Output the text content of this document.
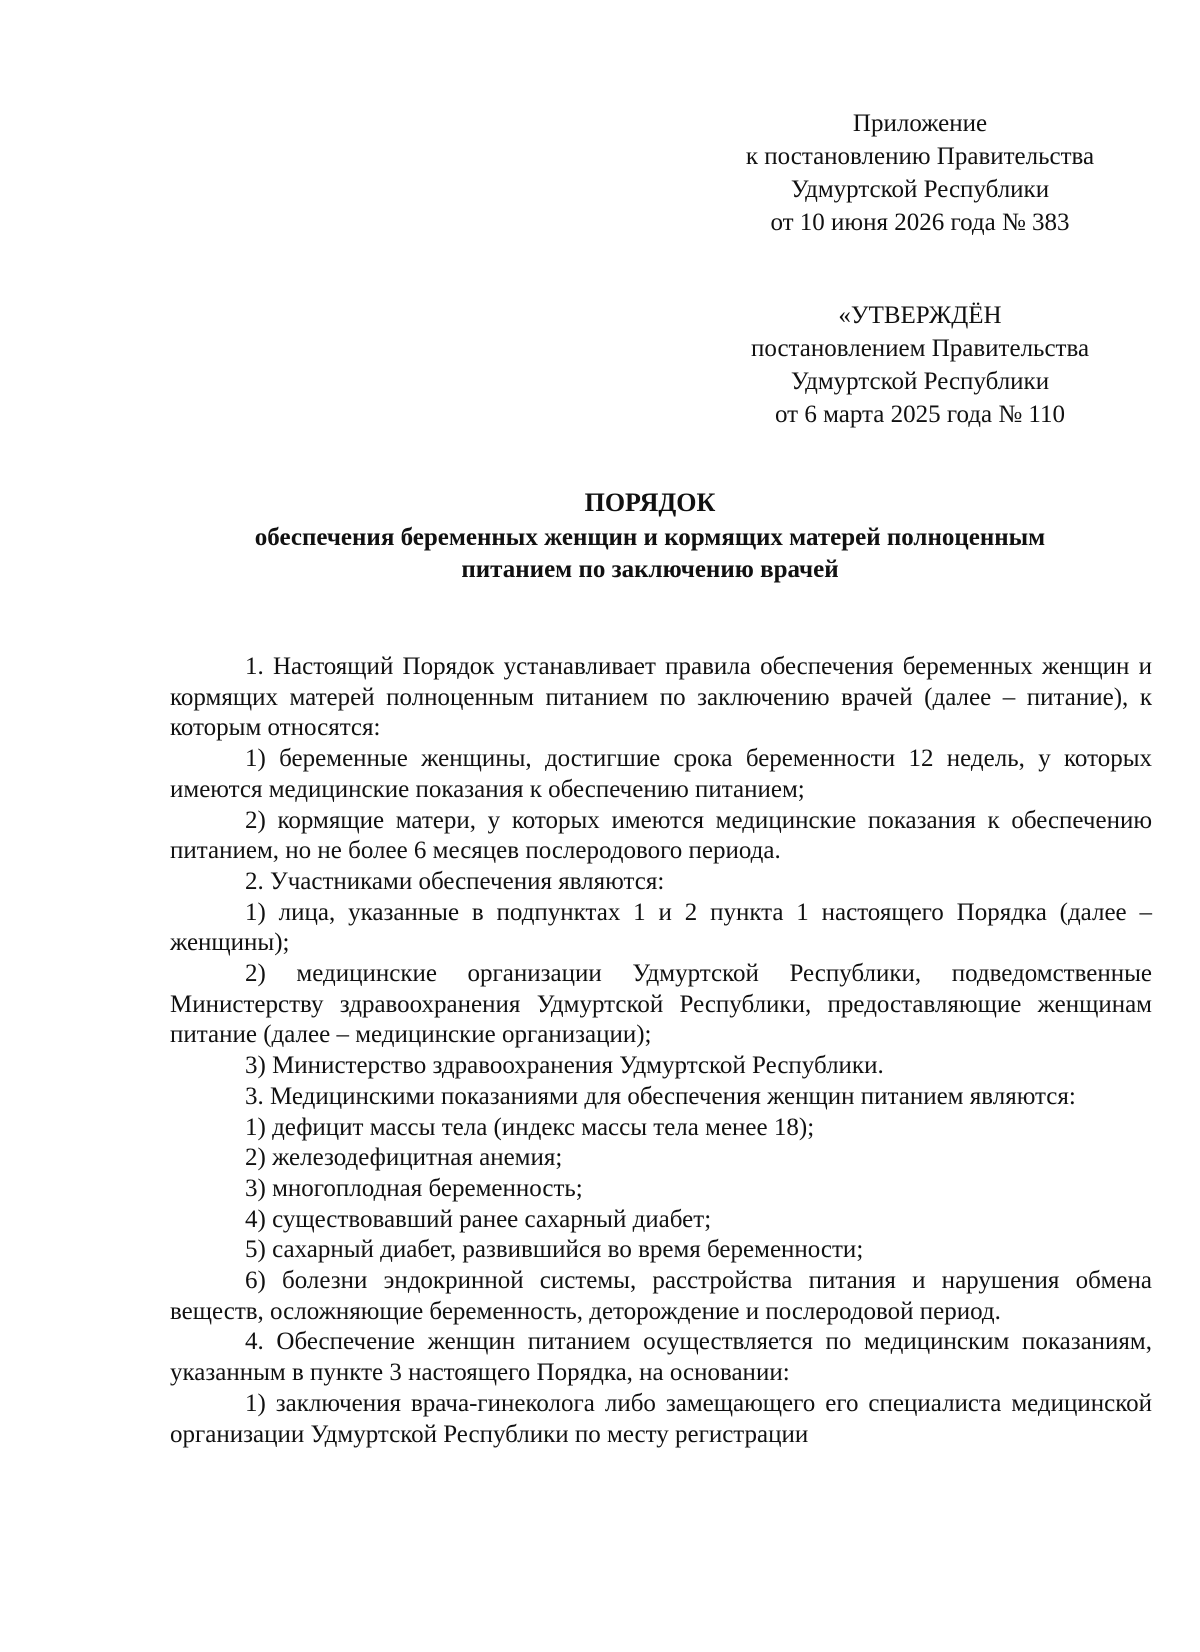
Приложение
к постановлению Правительства
Удмуртской Республики
от 10 июня 2026 года № 383
«УТВЕРЖДЁН
постановлением Правительства
Удмуртской Республики
от 6 марта 2025 года № 110
ПОРЯДОК
обеспечения беременных женщин и кормящих матерей полноценным
питанием по заключению врачей

1. Настоящий Порядок устанавливает правила обеспечения беременных женщин и кормящих матерей полноценным питанием по заключению врачей (далее – питание), к которым относятся:

1) беременные женщины, достигшие срока беременности 12 недель, у которых имеются медицинские показания к обеспечению питанием;

2) кормящие матери, у которых имеются медицинские показания к обеспечению питанием, но не более 6 месяцев послеродового периода.

2. Участниками обеспечения являются:

1) лица, указанные в подпунктах 1 и 2 пункта 1 настоящего Порядка (далее – женщины);

2) медицинские организации Удмуртской Республики, подведомственные Министерству здравоохранения Удмуртской Республики, предоставляющие женщинам питание (далее – медицинские организации);

3) Министерство здравоохранения Удмуртской Республики.

3. Медицинскими показаниями для обеспечения женщин питанием являются:

1) дефицит массы тела (индекс массы тела менее 18);

2) железодефицитная анемия;

3) многоплодная беременность;

4) существовавший ранее сахарный диабет;

5) сахарный диабет, развившийся во время беременности;

6) болезни эндокринной системы, расстройства питания и нарушения обмена веществ, осложняющие беременность, деторождение и послеродовой период.

4. Обеспечение женщин питанием осуществляется по медицинским показаниям, указанным в пункте 3 настоящего Порядка, на основании:

1) заключения врача-гинеколога либо замещающего его специалиста медицинской организации Удмуртской Республики по месту регистрации
